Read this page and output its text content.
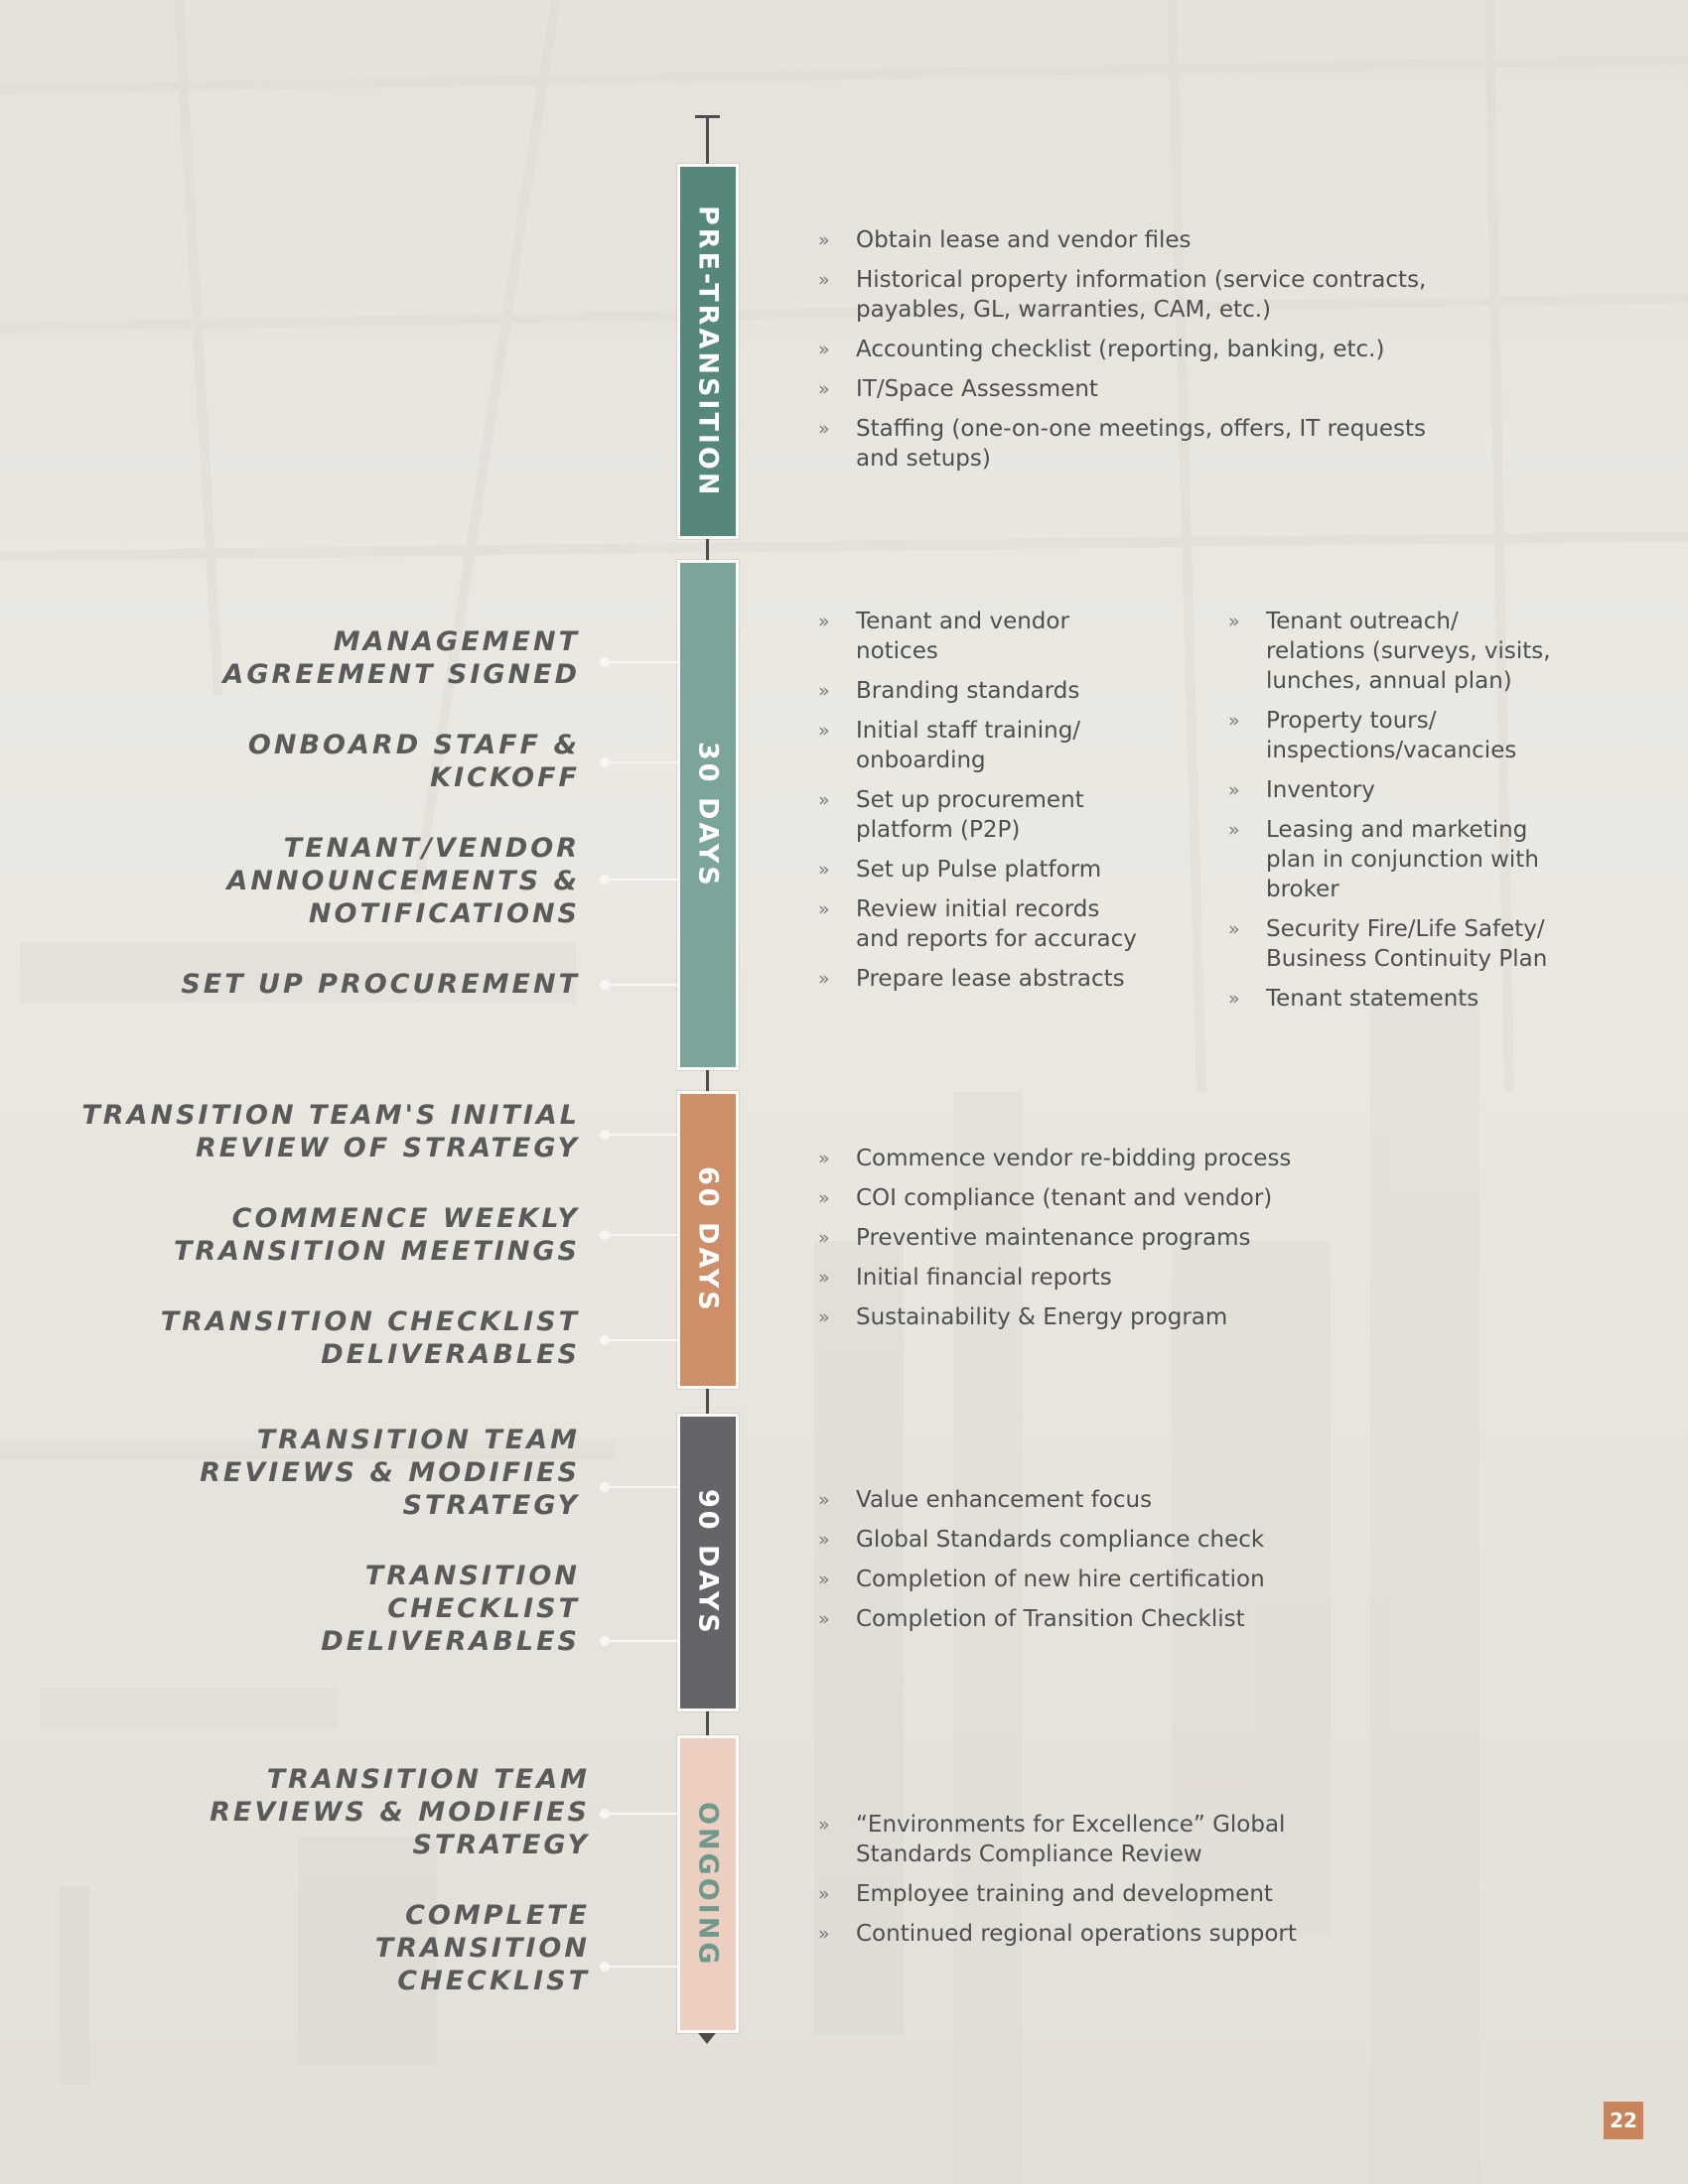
PRE-TRANSITION
30 DAYS
60 DAYS
90 DAYS
ONGOING
MANAGEMENT
AGREEMENT SIGNED
ONBOARD STAFF &
KICKOFF
TENANT/VENDOR
ANNOUNCEMENTS &
NOTIFICATIONS
SET UP PROCUREMENT
TRANSITION TEAM'S INITIAL
REVIEW OF STRATEGY
COMMENCE WEEKLY
TRANSITION MEETINGS
TRANSITION CHECKLIST
DELIVERABLES
TRANSITION TEAM
REVIEWS & MODIFIES
STRATEGY
TRANSITION
CHECKLIST
DELIVERABLES
TRANSITION TEAM
REVIEWS & MODIFIES
STRATEGY
COMPLETE
TRANSITION
CHECKLIST
» Obtain lease and vendor files
» Historical property information (service contracts,
payables, GL, warranties, CAM, etc.)
» Accounting checklist (reporting, banking, etc.)
» IT/Space Assessment
» Staffing (one-on-one meetings, offers, IT requests
and setups)
» Tenant and vendor
notices
» Branding standards
» Initial staff training/
onboarding
» Set up procurement
platform (P2P)
» Set up Pulse platform
» Review initial records
and reports for accuracy
» Prepare lease abstracts
» Tenant outreach/
relations (surveys, visits,
lunches, annual plan)
» Property tours/
inspections/vacancies
» Inventory
» Leasing and marketing
plan in conjunction with
broker
» Security Fire/Life Safety/
Business Continuity Plan
» Tenant statements
» Commence vendor re-bidding process
» COI compliance (tenant and vendor)
» Preventive maintenance programs
» Initial financial reports
» Sustainability & Energy program
» Value enhancement focus
» Global Standards compliance check
» Completion of new hire certification
» Completion of Transition Checklist
» “Environments for Excellence” Global
Standards Compliance Review
» Employee training and development
» Continued regional operations support
22
